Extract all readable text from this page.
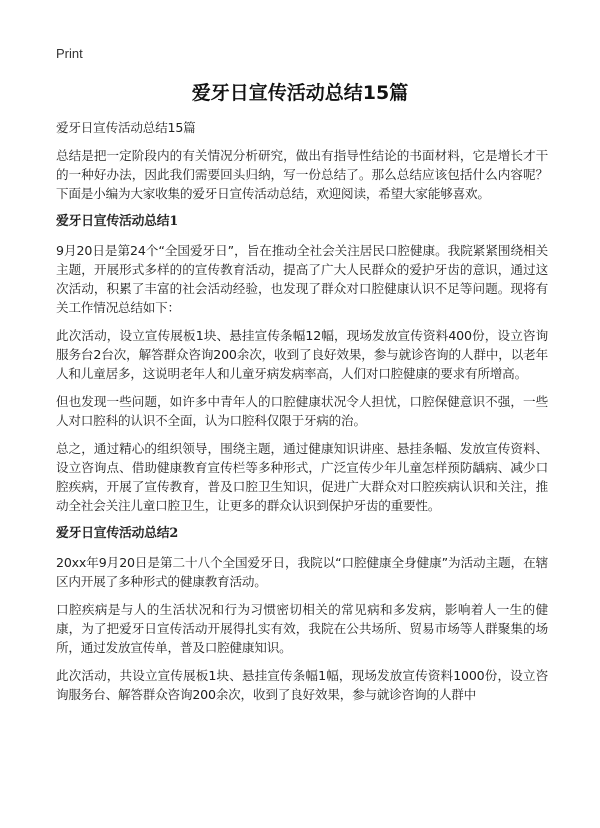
Print
爱牙日宣传活动总结15篇

爱牙日宣传活动总结15篇

总结是把一定阶段内的有关情况分析研究，做出有指导性结论的书面材料，它是增长才干的一种好办法，因此我们需要回头归纳，写一份总结了。那么总结应该包括什么内容呢？下面是小编为大家收集的爱牙日宣传活动总结，欢迎阅读，希望大家能够喜欢。

爱牙日宣传活动总结1

9月20日是第24个“全国爱牙日”，旨在推动全社会关注居民口腔健康。我院紧紧围绕相关主题，开展形式多样的的宣传教育活动，提高了广大人民群众的爱护牙齿的意识，通过这次活动，积累了丰富的社会活动经验，也发现了群众对口腔健康认识不足等问题。现将有关工作情况总结如下：

此次活动，设立宣传展板1块、悬挂宣传条幅12幅，现场发放宣传资料400份，设立咨询服务台2台次，解答群众咨询200余次，收到了良好效果，参与就诊咨询的人群中，以老年人和儿童居多，这说明老年人和儿童牙病发病率高，人们对口腔健康的要求有所增高。

但也发现一些问题，如许多中青年人的口腔健康状况令人担忧，口腔保健意识不强，一些人对口腔科的认识不全面，认为口腔科仅限于牙病的治。

总之，通过精心的组织领导，围绕主题，通过健康知识讲座、悬挂条幅、发放宣传资料、设立咨询点、借助健康教育宣传栏等多种形式，广泛宣传少年儿童怎样预防龋病、减少口腔疾病，开展了宣传教育，普及口腔卫生知识，促进广大群众对口腔疾病认识和关注，推动全社会关注儿童口腔卫生，让更多的群众认识到保护牙齿的重要性。

爱牙日宣传活动总结2

20xx年9月20日是第二十八个全国爱牙日，我院以“口腔健康全身健康”为活动主题，在辖区内开展了多种形式的健康教育活动。

口腔疾病是与人的生活状况和行为习惯密切相关的常见病和多发病，影响着人一生的健康，为了把爱牙日宣传活动开展得扎实有效，我院在公共场所、贸易市场等人群聚集的场所，通过发放宣传单，普及口腔健康知识。

此次活动，共设立宣传展板1块、悬挂宣传条幅1幅，现场发放宣传资料1000份，设立咨询服务台、解答群众咨询200余次，收到了良好效果，参与就诊咨询的人群中
